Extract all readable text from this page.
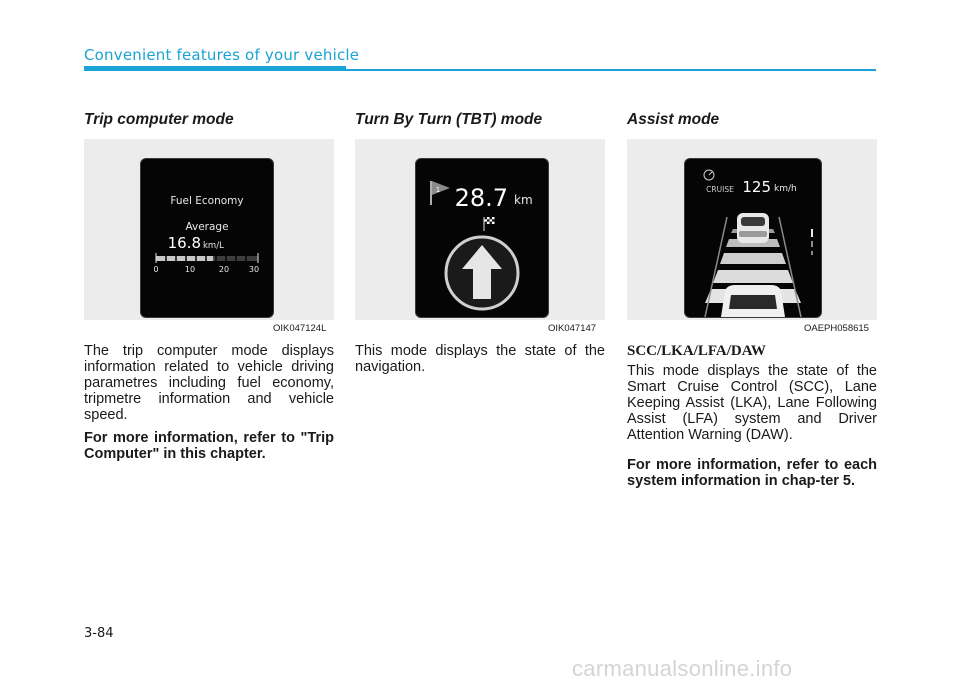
Convenient features of your vehicle
Trip computer mode
Fuel Economy
Average
16.8 km/L
0	10	20 30
OIK047124L
The trip computer mode displays information related to vehicle driving parametres including fuel economy, tripmetre information and vehicle speed.
For more information, refer to "Trip Computer" in this chapter.
Turn By Turn (TBT) mode
1 28.7 km
OIK047147
This mode displays the state of the navigation.
Assist mode
CRUISE 125 km/h
OAEPH058615
SCC/LKA/LFA/DAW
This mode displays the state of the Smart Cruise Control (SCC), Lane Keeping Assist (LKA), Lane Following Assist (LFA) system and Driver Attention Warning (DAW).
For more information, refer to each system information in chap-ter 5.
3-84
carmanualsonline.info
